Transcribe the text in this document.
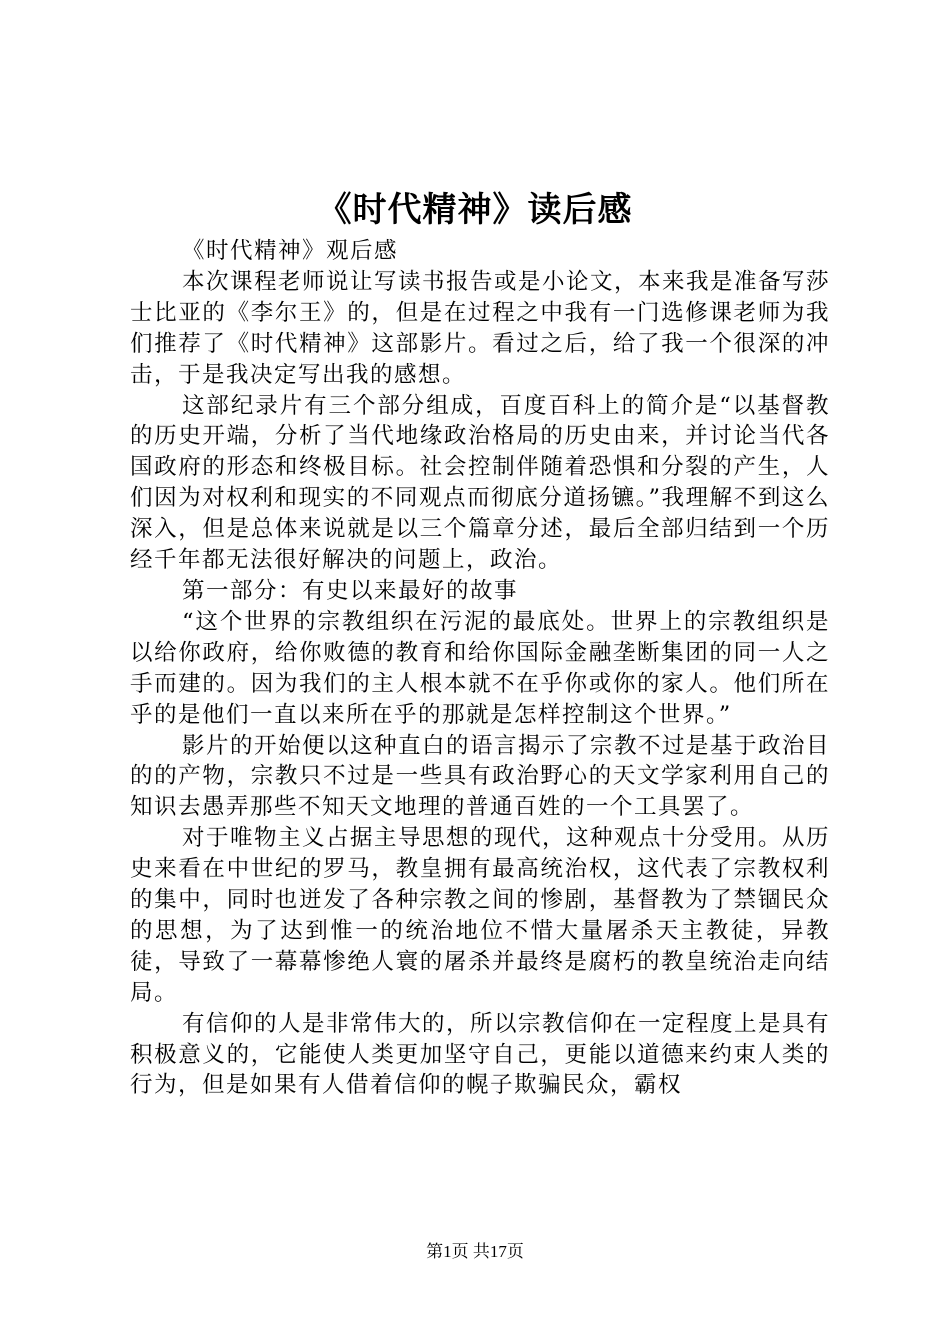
《时代精神》读后感

《时代精神》观后感

本次课程老师说让写读书报告或是小论文，本来我是准备写莎士比亚的《李尔王》的，但是在过程之中我有一门选修课老师为我们推荐了《时代精神》这部影片。看过之后，给了我一个很深的冲击，于是我决定写出我的感想。

这部纪录片有三个部分组成，百度百科上的简介是“以基督教的历史开端，分析了当代地缘政治格局的历史由来，并讨论当代各国政府的形态和终极目标。社会控制伴随着恐惧和分裂的产生，人们因为对权利和现实的不同观点而彻底分道扬镳。”我理解不到这么深入，但是总体来说就是以三个篇章分述，最后全部归结到一个历经千年都无法很好解决的问题上，政治。

第一部分：有史以来最好的故事

“这个世界的宗教组织在污泥的最底处。世界上的宗教组织是以给你政府，给你败德的教育和给你国际金融垄断集团的同一人之手而建的。因为我们的主人根本就不在乎你或你的家人。他们所在乎的是他们一直以来所在乎的那就是怎样控制这个世界。”

影片的开始便以这种直白的语言揭示了宗教不过是基于政治目的的产物，宗教只不过是一些具有政治野心的天文学家利用自己的知识去愚弄那些不知天文地理的普通百姓的一个工具罢了。

对于唯物主义占据主导思想的现代，这种观点十分受用。从历史来看在中世纪的罗马，教皇拥有最高统治权，这代表了宗教权利的集中，同时也迸发了各种宗教之间的惨剧，基督教为了禁锢民众的思想，为了达到惟一的统治地位不惜大量屠杀天主教徒，异教徒，导致了一幕幕惨绝人寰的屠杀并最终是腐朽的教皇统治走向结局。

有信仰的人是非常伟大的，所以宗教信仰在一定程度上是具有积极意义的，它能使人类更加坚守自己，更能以道德来约束人类的行为，但是如果有人借着信仰的幌子欺骗民众，霸权

第1页 共17页
